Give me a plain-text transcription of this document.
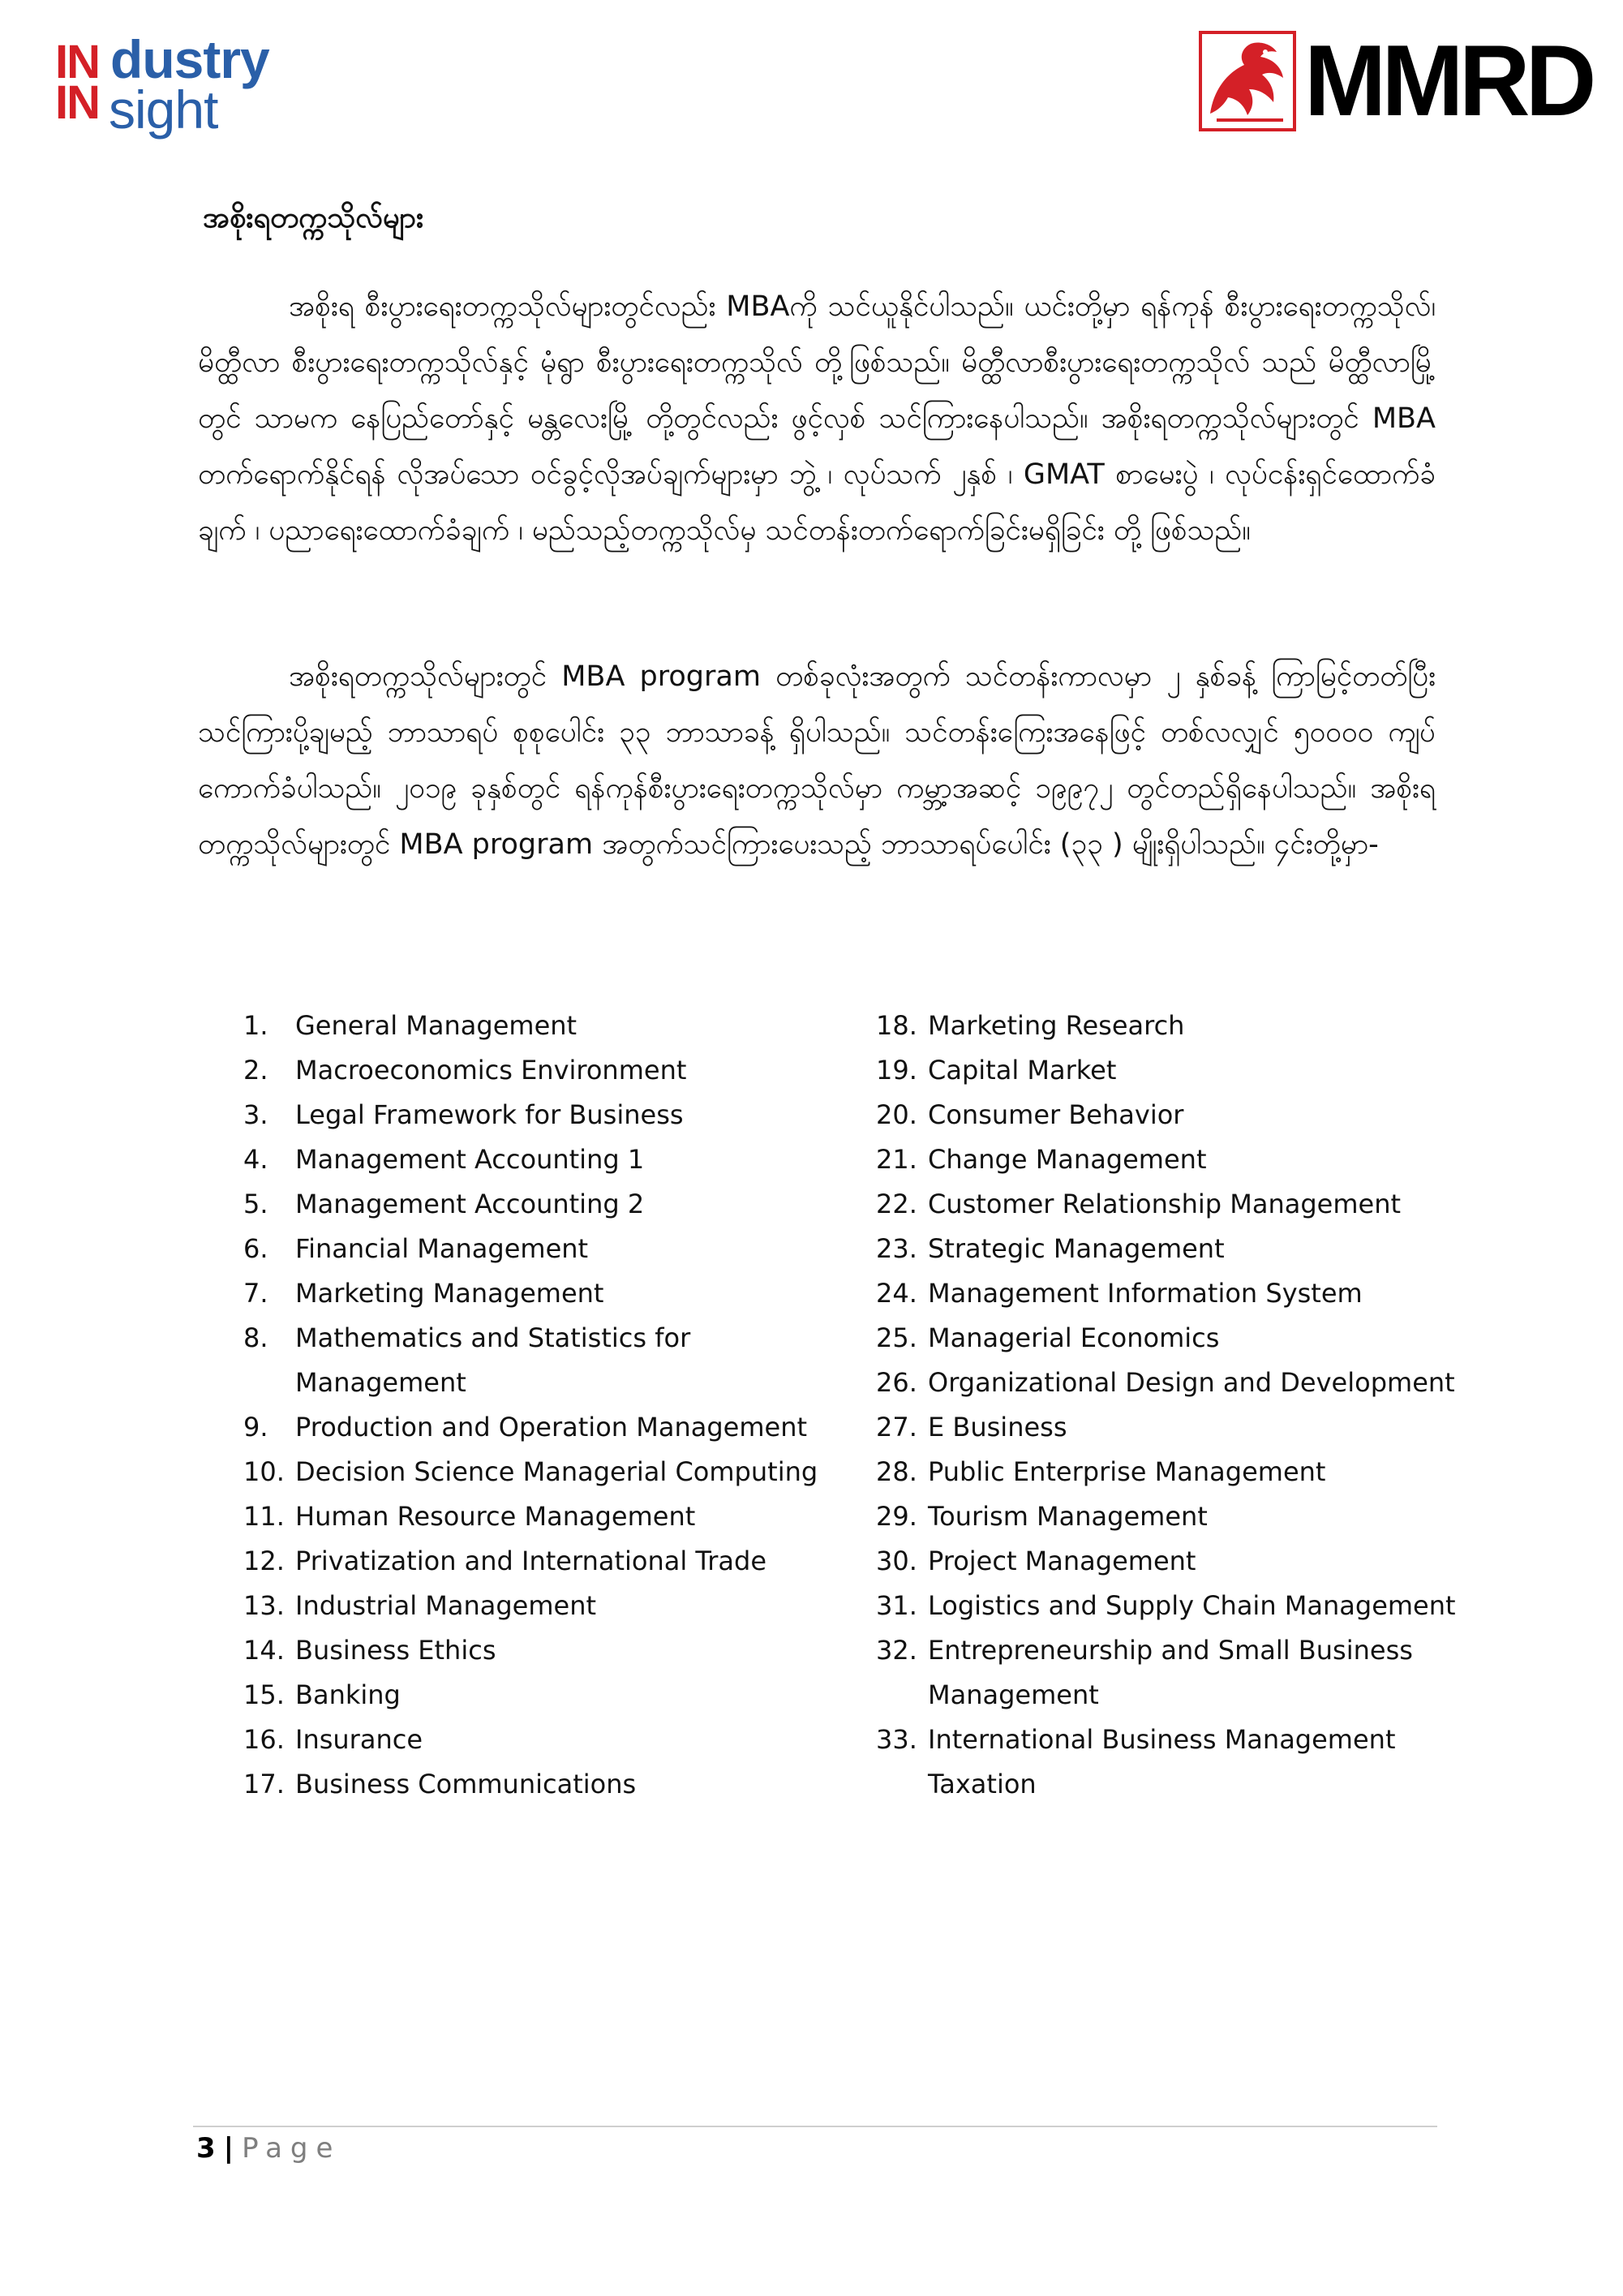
IN dustry
IN sight	MMRD
အစိုးရတက္ကသိုလ်များ

အစိုးရ စီးပွားရေးတက္ကသိုလ်များတွင်လည်း MBAကို သင်ယူနိုင်ပါသည်။ ယင်းတို့မှာ ရန်ကုန် စီးပွားရေးတက္ကသိုလ်၊ မိတ္ထီလာ စီးပွားရေးတက္ကသိုလ်နှင့် မုံရွာ စီးပွားရေးတက္ကသိုလ် တို့ဖြစ်သည်။ မိတ္ထီလာစီးပွားရေးတက္ကသိုလ် သည် မိတ္ထီလာမြို့တွင် သာမက နေပြည်တော်နှင့် မန္တလေးမြို့ တို့တွင်လည်း ဖွင့်လှစ် သင်ကြားနေပါသည်။ အစိုးရတက္ကသိုလ်များတွင် MBA တက်ရောက်နိုင်ရန် လိုအပ်သော ဝင်ခွင့်လိုအပ်ချက်များမှာ ဘွဲ့ ၊ လုပ်သက် ၂နှစ် ၊ GMAT စာမေးပွဲ ၊ လုပ်ငန်းရှင်ထောက်ခံချက် ၊ ပညာရေးထောက်ခံချက် ၊ မည်သည့်တက္ကသိုလ်မှ သင်တန်းတက်ရောက်ခြင်းမရှိခြင်း တို့ ဖြစ်သည်။

အစိုးရတက္ကသိုလ်များတွင် MBA program တစ်ခုလုံးအတွက် သင်တန်းကာလမှာ ၂ နှစ်ခန့် ကြာမြင့်တတ်ပြီး သင်ကြားပို့ချမည့် ဘာသာရပ် စုစုပေါင်း ၃၃ ဘာသာခန့် ရှိပါသည်။ သင်တန်းကြေးအနေဖြင့် တစ်လလျှင် ၅၀၀၀၀ ကျပ် ကောက်ခံပါသည်။ ၂၀၁၉ ခုနှစ်တွင် ရန်ကုန်စီးပွားရေးတက္ကသိုလ်မှာ ကမ္ဘာ့အဆင့် ၁၉၉၇၂ တွင်တည်ရှိနေပါသည်။ အစိုးရတက္ကသိုလ်များတွင် MBA program အတွက်သင်ကြားပေးသည့် ဘာသာရပ်ပေါင်း (၃၃ ) မျိုးရှိပါသည်။ ၄င်းတို့မှာ-

1. General Management
2. Macroeconomics Environment
3. Legal Framework for Business
4. Management Accounting 1
5. Management Accounting 2
6. Financial Management
7. Marketing Management
8. Mathematics and Statistics for Management
9. Production and Operation Management
10. Decision Science Managerial Computing
11. Human Resource Management
12. Privatization and International Trade
13. Industrial Management
14. Business Ethics
15. Banking
16. Insurance
17. Business Communications
18. Marketing Research
19. Capital Market
20. Consumer Behavior
21. Change Management
22. Customer Relationship Management
23. Strategic Management
24. Management Information System
25. Managerial Economics
26. Organizational Design and Development
27. E Business
28. Public Enterprise Management
29. Tourism Management
30. Project Management
31. Logistics and Supply Chain Management
32. Entrepreneurship and Small Business Management
33. International Business Management Taxation
3 | Page
